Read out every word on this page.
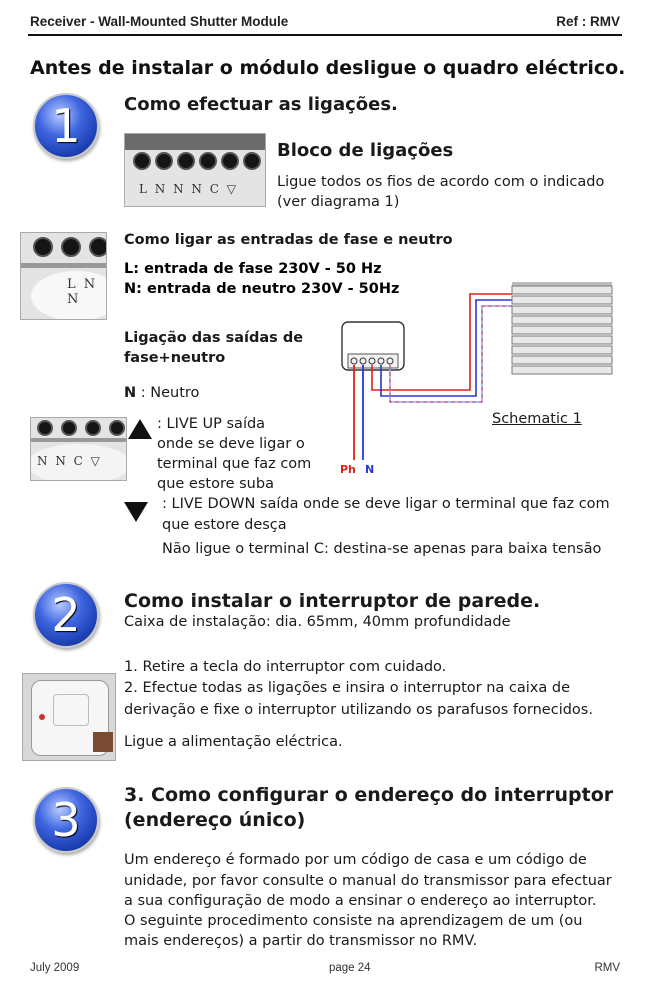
Receiver - Wall-Mounted Shutter Module	Ref : RMV
Antes de instalar o módulo desligue o quadro eléctrico.
1	Como efectuar as ligações.
L N N N C ▽
Bloco de ligações
Ligue todos os fios de acordo com o indicado
(ver diagrama 1)
L N N
Como ligar as entradas de fase e neutro
L: entrada de fase 230V - 50 Hz
N: entrada de neutro 230V - 50Hz
Ligação das saídas de
fase+neutro
N : Neutro
N N C ▽
: LIVE UP saída
onde se deve ligar o
terminal que faz com
que estore suba
: LIVE DOWN saída onde se deve ligar o terminal que faz com
que estore desça
Não ligue o terminal C: destina-se apenas para baixa tensão
Schematic 1
Ph N
2	Como instalar o interruptor de parede.
Caixa de instalação: dia. 65mm, 40mm profundidade
1. Retire a tecla do interruptor com cuidado.
2. Efectue todas as ligações e insira o interruptor na caixa de
derivação e fixe o interruptor utilizando os parafusos fornecidos.
Ligue a alimentação eléctrica.
3	3. Como configurar o endereço do interruptor
(endereço único)
Um endereço é formado por um código de casa e um código de
unidade, por favor consulte o manual do transmissor para efectuar
a sua configuração de modo a ensinar o endereço ao interruptor.
O seguinte procedimento consiste na aprendizagem de um (ou
mais endereços) a partir do transmissor no RMV.
July 2009	page 24	RMV
